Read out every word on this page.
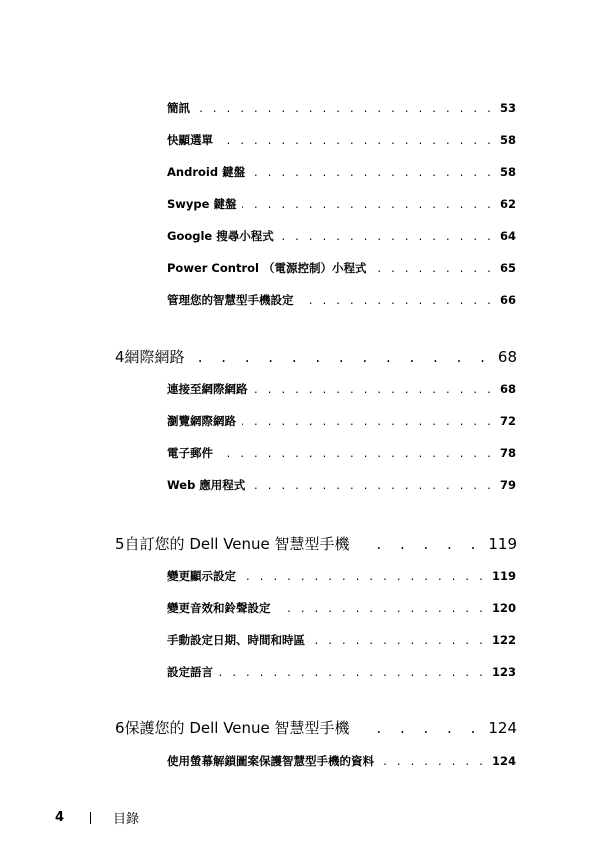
簡訊 . . .	53
快顯選單 . . .	58
Android 鍵盤 . . .	58
Swype 鍵盤 . . .	62
Google 搜尋小程式 . . .	64
Power Control （電源控制）小程式 . . .	65
管理您的智慧型手機設定 . . .	66
4 網際網路 . . .	68
連接至網際網路 . . .	68
瀏覽網際網路 . . .	72
電子郵件 . . .	78
Web 應用程式 . . .	79
5 自訂您的 Dell Venue 智慧型手機 . . .	119
變更顯示設定 . . .	119
變更音效和鈴聲設定 . . .	120
手動設定日期、時間和時區 . . .	122
設定語言 . . .	123
6 保護您的 Dell Venue 智慧型手機 . . .	124
使用螢幕解鎖圖案保護智慧型手機的資料 . . .	124
4	目錄
